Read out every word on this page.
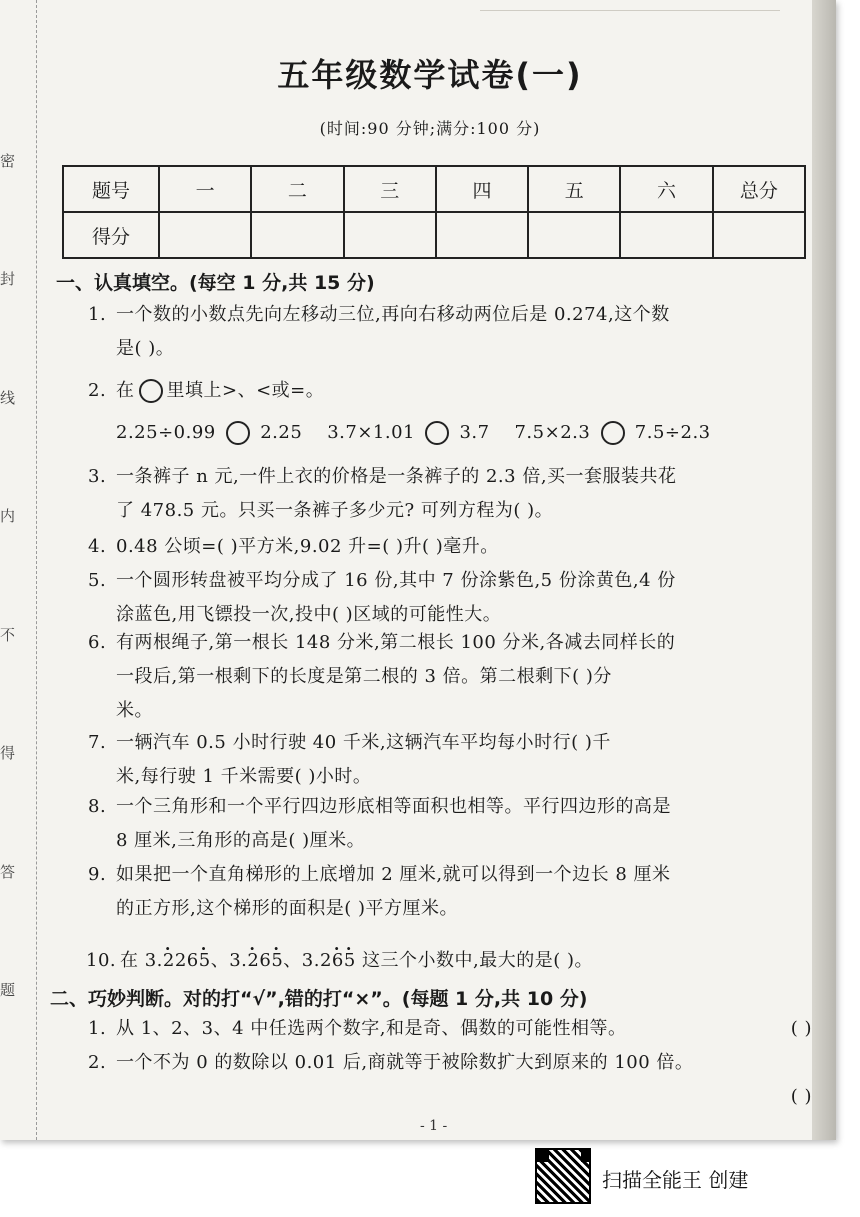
密
封
线
内
不
得
答
题
五年级数学试卷(一)
(时间:90 分钟;满分:100 分)
题号	一	二	三	四	五	六	总分
得分							
一、认真填空。(每空 1 分,共 15 分)
1. 一个数的小数点先向左移动三位,再向右移动两位后是 0.274,这个数
是( )。
2. 在 里填上>、<或=。
2.25÷0.99 2.25 3.7×1.01 3.7 7.5×2.3 7.5÷2.3
3. 一条裤子 n 元,一件上衣的价格是一条裤子的 2.3 倍,买一套服装共花
了 478.5 元。只买一条裤子多少元? 可列方程为( )。
4. 0.48 公顷=( )平方米,9.02 升=( )升( )毫升。
5. 一个圆形转盘被平均分成了 16 份,其中 7 份涂紫色,5 份涂黄色,4 份
涂蓝色,用飞镖投一次,投中( )区域的可能性大。
6. 有两根绳子,第一根长 148 分米,第二根长 100 分米,各减去同样长的
一段后,第一根剩下的长度是第二根的 3 倍。第二根剩下( )分
米。
7. 一辆汽车 0.5 小时行驶 40 千米,这辆汽车平均每小时行( )千
米,每行驶 1 千米需要( )小时。
8. 一个三角形和一个平行四边形底相等面积也相等。平行四边形的高是
8 厘米,三角形的高是( )厘米。
9. 如果把一个直角梯形的上底增加 2 厘米,就可以得到一个边长 8 厘米
的正方形,这个梯形的面积是( )平方厘米。
10. 在 3.· 226· 5、3.· 26· 5、3.2· 6· 5 这三个小数中,最大的是( )。
二、巧妙判断。对的打“√”,错的打“×”。(每题 1 分,共 10 分)
1. 从 1、2、3、4 中任选两个数字,和是奇、偶数的可能性相等。	( )
2. 一个不为 0 的数除以 0.01 后,商就等于被除数扩大到原来的 100 倍。
( )
- 1 -
扫描全能王 创建
